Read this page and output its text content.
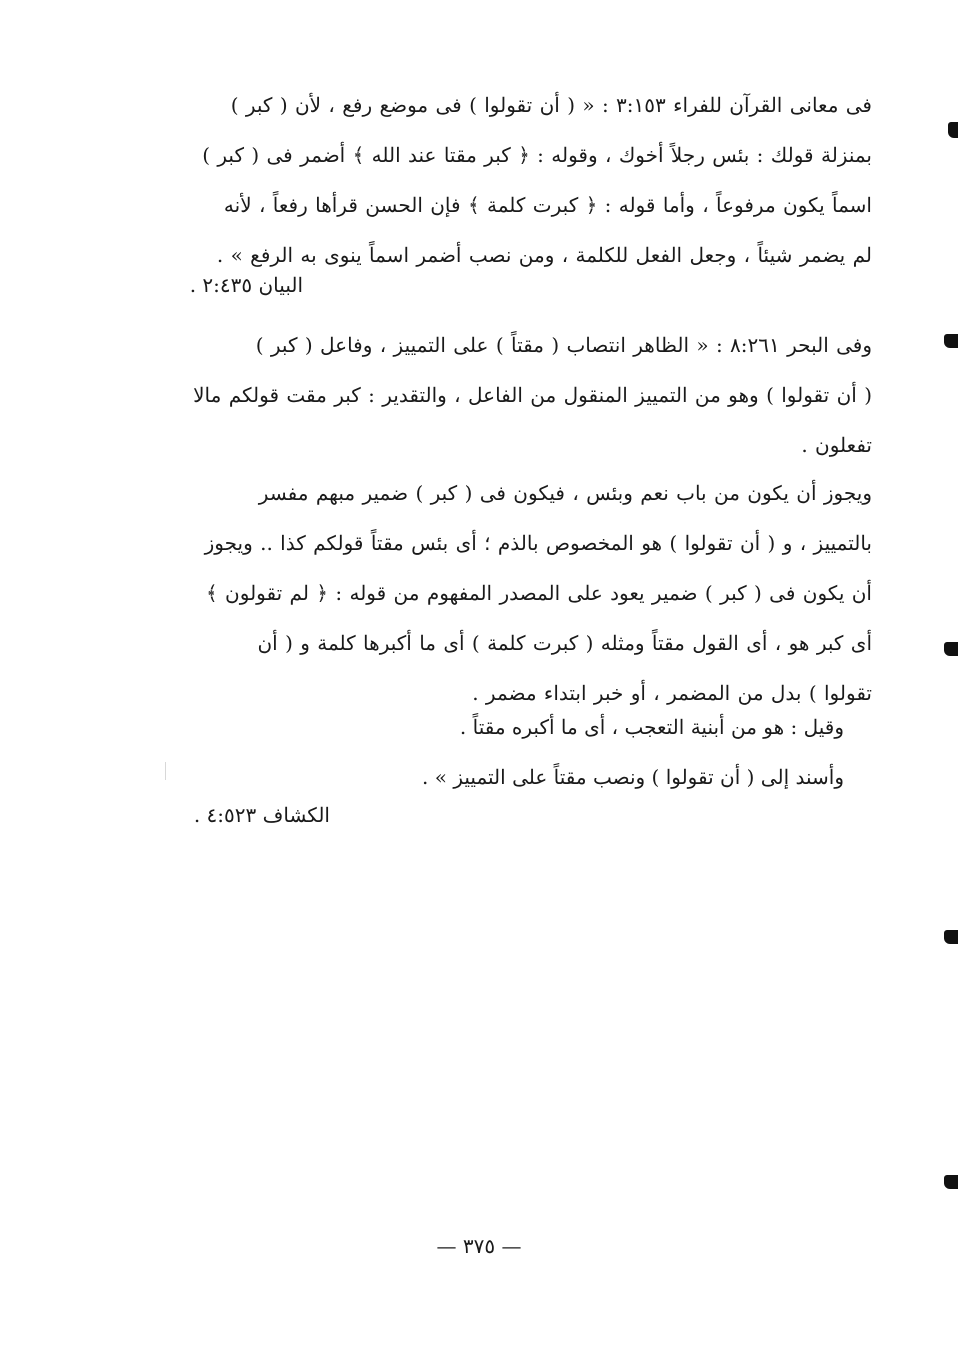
فى معانى القرآن للفراء ٣:١٥٣ : « ( أن تقولوا ) فى موضع رفع ، لأن ( كبر )
بمنزلة قولك : بئس رجلاً أخوك ، وقوله : ﴿ كبر مقتا عند الله ﴾ أضمر فى ( كبر )
اسماً يكون مرفوعاً ، وأما قوله : ﴿ كبرت كلمة ﴾ فإن الحسن قرأها رفعاً ، لأنه
لم يضمر شيئاً ، وجعل الفعل للكلمة ، ومن نصب أضمر اسماً ينوى به الرفع » .
البيان ٢:٤٣٥ .
وفى البحر ٨:٢٦١ : « الظاهر انتصاب ( مقتاً ) على التمييز ، وفاعل ( كبر )
( أن تقولوا ) وهو من التمييز المنقول من الفاعل ، والتقدير : كبر مقت قولكم مالا
تفعلون .
ويجوز أن يكون من باب نعم وبئس ، فيكون فى ( كبر ) ضمير مبهم مفسر
بالتمييز ، و ( أن تقولوا ) هو المخصوص بالذم ؛ أى بئس مقتاً قولكم كذا .. ويجوز
أن يكون فى ( كبر ) ضمير يعود على المصدر المفهوم من قوله : ﴿ لم تقولون ﴾
أى كبر هو ، أى القول مقتاً ومثله ( كبرت كلمة ) أى ما أكبرها كلمة و ( أن
تقولوا ) بدل من المضمر ، أو خبر ابتداء مضمر .
وقيل : هو من أبنية التعجب ، أى ما أكبره مقتاً .
وأسند إلى ( أن تقولوا ) ونصب مقتاً على التمييز » .
الكشاف ٤:٥٢٣ .
— ٣٧٥ —
